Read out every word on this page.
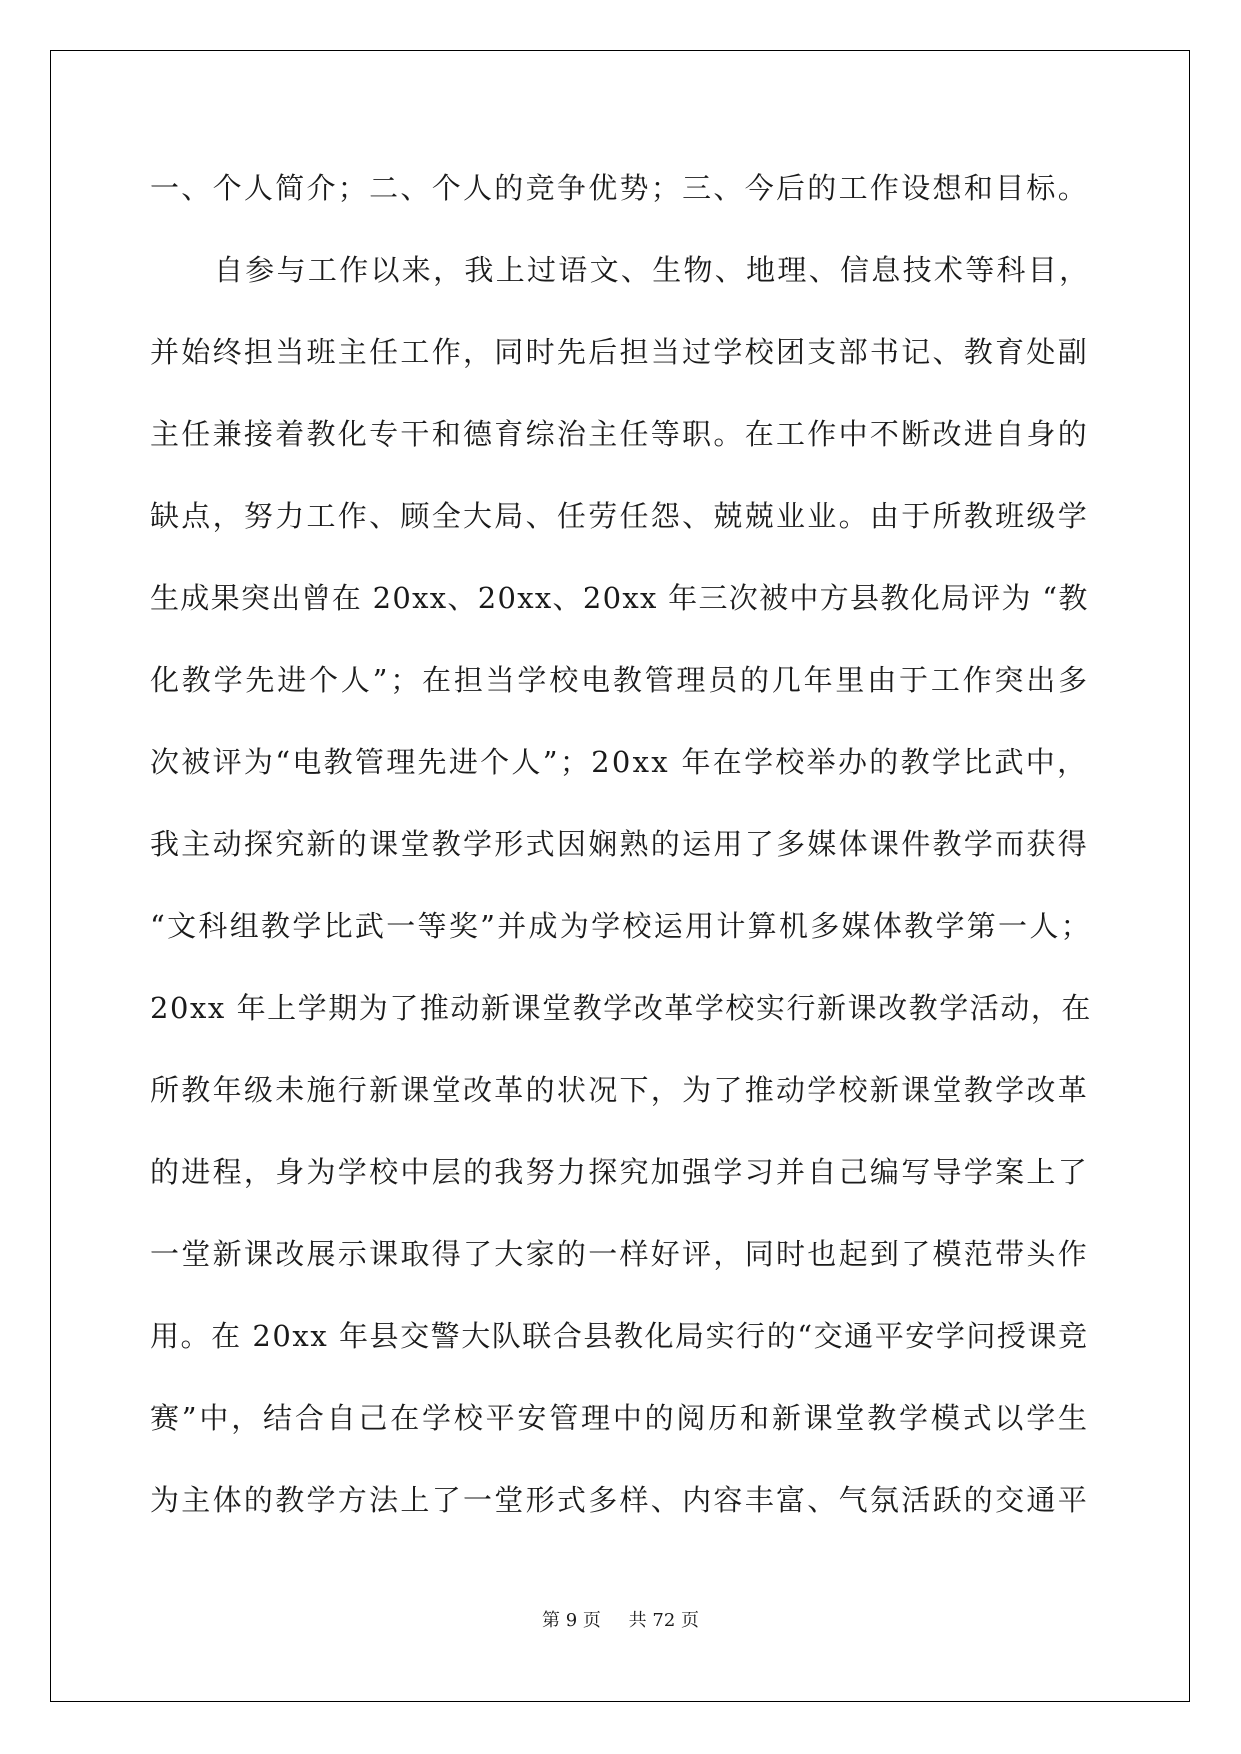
一、个人简介；二、个人的竞争优势；三、今后的工作设想和目标。
自参与工作以来，我上过语文、生物、地理、信息技术等科目，
并始终担当班主任工作，同时先后担当过学校团支部书记、教育处副
主任兼接着教化专干和德育综治主任等职。在工作中不断改进自身的
缺点，努力工作、顾全大局、任劳任怨、兢兢业业。由于所教班级学
生成果突出曾在 20xx、20xx、20xx 年三次被中方县教化局评为 “教
化教学先进个人”；在担当学校电教管理员的几年里由于工作突出多
次被评为“电教管理先进个人”；20xx 年在学校举办的教学比武中，
我主动探究新的课堂教学形式因娴熟的运用了多媒体课件教学而获得
“文科组教学比武一等奖”并成为学校运用计算机多媒体教学第一人；
20xx 年上学期为了推动新课堂教学改革学校实行新课改教学活动，在
所教年级未施行新课堂改革的状况下，为了推动学校新课堂教学改革
的进程，身为学校中层的我努力探究加强学习并自己编写导学案上了
一堂新课改展示课取得了大家的一样好评，同时也起到了模范带头作
用。在 20xx 年县交警大队联合县教化局实行的“交通平安学问授课竞
赛”中，结合自己在学校平安管理中的阅历和新课堂教学模式以学生
为主体的教学方法上了一堂形式多样、内容丰富、气氛活跃的交通平
第 9 页 共 72 页
